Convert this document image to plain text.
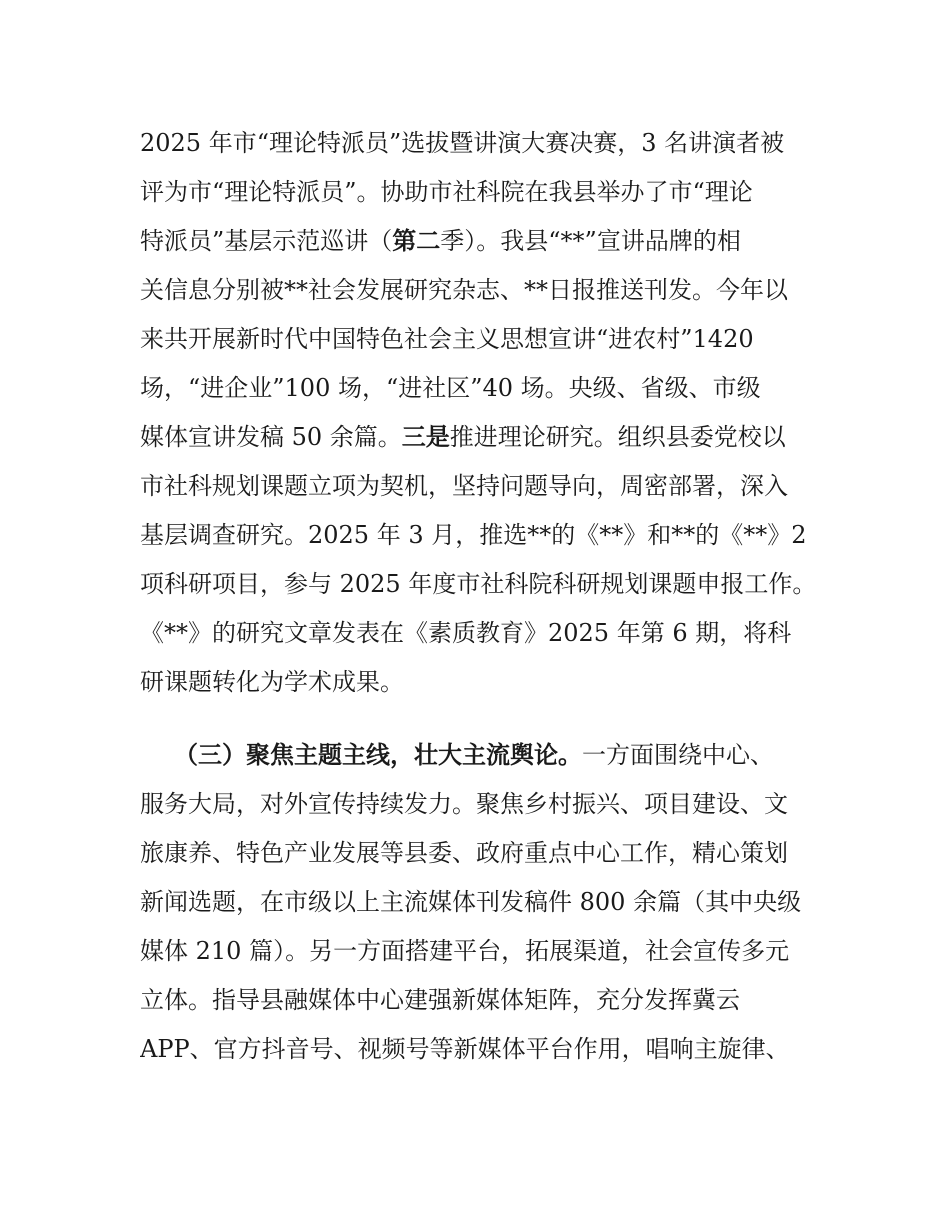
2025 年市“理论特派员”选拔暨讲演大赛决赛，3 名讲演者被
评为市“理论特派员”。协助市社科院在我县举办了市“理论
特派员”基层示范巡讲（第二季）。我县“**”宣讲品牌的相
关信息分别被**社会发展研究杂志、**日报推送刊发。今年以
来共开展新时代中国特色社会主义思想宣讲“进农村”1420
场，“进企业”100 场，“进社区”40 场。央级、省级、市级
媒体宣讲发稿 50 余篇。三是推进理论研究。组织县委党校以
市社科规划课题立项为契机，坚持问题导向，周密部署，深入
基层调查研究。2025 年 3 月，推选**的《**》和**的《**》2
项科研项目，参与 2025 年度市社科院科研规划课题申报工作。
《**》的研究文章发表在《素质教育》2025 年第 6 期，将科
研课题转化为学术成果。
（三）聚焦主题主线，壮大主流舆论。一方面围绕中心、
服务大局，对外宣传持续发力。聚焦乡村振兴、项目建设、文
旅康养、特色产业发展等县委、政府重点中心工作，精心策划
新闻选题，在市级以上主流媒体刊发稿件 800 余篇（其中央级
媒体 210 篇）。另一方面搭建平台，拓展渠道，社会宣传多元
立体。指导县融媒体中心建强新媒体矩阵，充分发挥冀云
APP、官方抖音号、视频号等新媒体平台作用，唱响主旋律、
